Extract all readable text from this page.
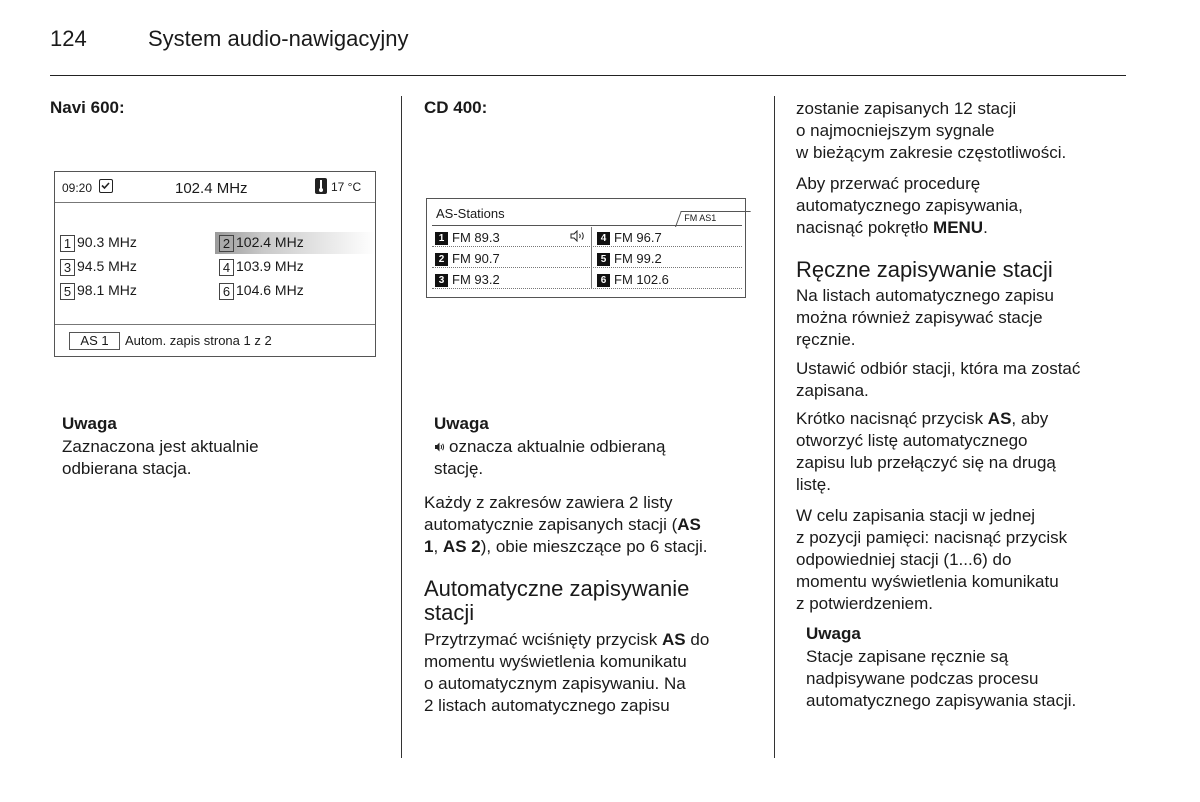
124	System audio-nawigacyjny
Navi 600:
09:20	102.4 MHz	17 °C
1 90.3 MHz	2 102.4 MHz
3 94.5 MHz	4 103.9 MHz
5 98.1 MHz	6 104.6 MHz
AS 1	Autom. zapis strona 1 z 2
Uwaga
Zaznaczona jest aktualnie
odbierana stacja.
CD 400:
AS-Stations	FM AS1
1 FM 89.3	4 FM 96.7
2 FM 90.7	5 FM 99.2
3 FM 93.2	6 FM 102.6
Uwaga
oznacza aktualnie odbieraną
stację.
Każdy z zakresów zawiera 2 listy
automatycznie zapisanych stacji (AS
1, AS 2), obie mieszczące po 6 stacji.
Automatyczne zapisywanie
stacji
Przytrzymać wciśnięty przycisk AS do
momentu wyświetlenia komunikatu
o automatycznym zapisywaniu. Na
2 listach automatycznego zapisu
zostanie zapisanych 12 stacji
o najmocniejszym sygnale
w bieżącym zakresie częstotliwości.
Aby przerwać procedurę
automatycznego zapisywania,
nacisnąć pokrętło MENU.
Ręczne zapisywanie stacji
Na listach automatycznego zapisu
można również zapisywać stacje
ręcznie.
Ustawić odbiór stacji, która ma zostać
zapisana.
Krótko nacisnąć przycisk AS, aby
otworzyć listę automatycznego
zapisu lub przełączyć się na drugą
listę.
W celu zapisania stacji w jednej
z pozycji pamięci: nacisnąć przycisk
odpowiedniej stacji (1...6) do
momentu wyświetlenia komunikatu
z potwierdzeniem.
Uwaga
Stacje zapisane ręcznie są
nadpisywane podczas procesu
automatycznego zapisywania stacji.
